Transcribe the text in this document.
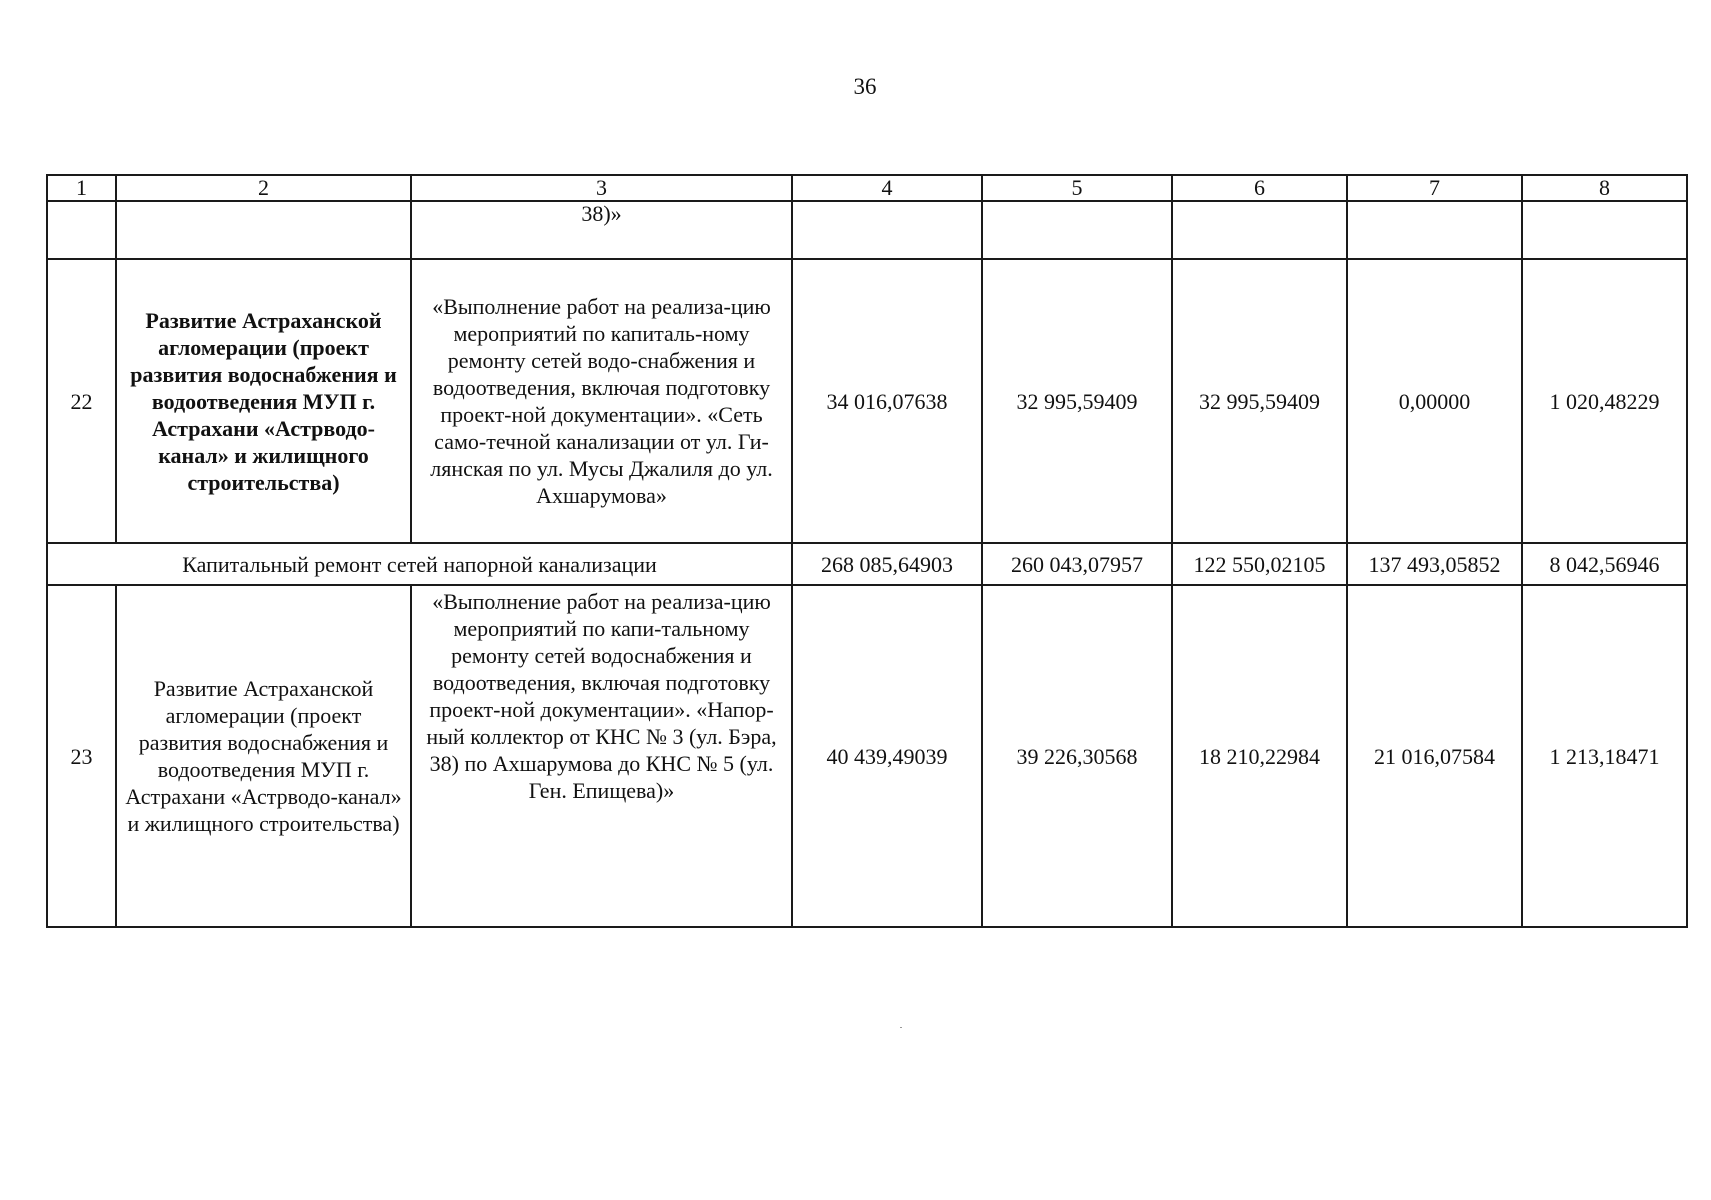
36
1	2	3	4	5	6	7	8
		38)»					
22	Развитие Астраханской агломерации (проект развития водоснабжения и водоотведения МУП г. Астрахани «Астрводо-канал» и жилищного строительства)	«Выполнение работ на реализа-цию мероприятий по капиталь-ному ремонту сетей водо-снабжения и водоотведения, включая подготовку проект-ной документации». «Сеть само-течной канализации от ул. Ги-лянская по ул. Мусы Джалиля до ул. Ахшарумова»	34 016,07638	32 995,59409	32 995,59409	0,00000	1 020,48229
Капитальный ремонт сетей напорной канализации			268 085,64903	260 043,07957	122 550,02105	137 493,05852	8 042,56946
23	Развитие Астраханской агломерации (проект развития водоснабжения и водоотведения МУП г. Астрахани «Астрводо-канал» и жилищного строительства)	«Выполнение работ на реализа-цию мероприятий по капи-тальному ремонту сетей водоснабжения и водоотведения, включая подготовку проект-ной документации». «Напор-ный коллектор от КНС № 3 (ул. Бэра, 38) по Ахшарумова до КНС № 5 (ул. Ген. Епищева)»	40 439,49039	39 226,30568	18 210,22984	21 016,07584	1 213,18471
